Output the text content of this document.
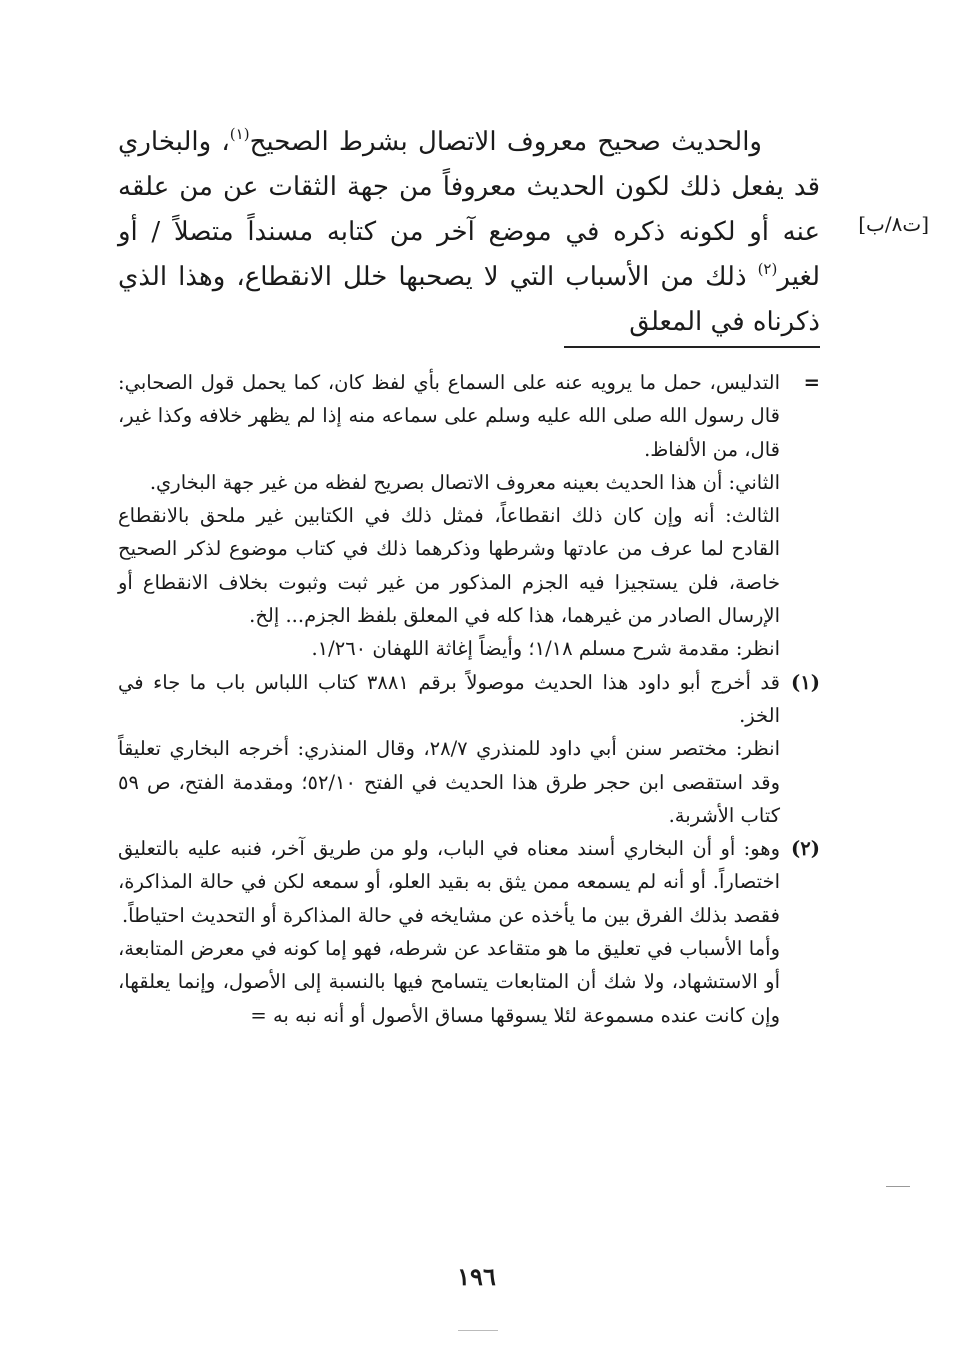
والحديث صحيح معروف الاتصال بشرط الصحيح$^{(١)}$، والبخاري قد يفعل ذلك لكون الحديث معروفاً من جهة الثقات عن من علقه عنه أو لكونه ذكره في موضع آخر من كتابه مسنداً متصلاً / أو لغير$^{(٢)}$ ذلك من الأسباب التي لا يصحبها خلل الانقطاع، وهذا الذي ذكرناه في المعلق

[ت٨/ب]
=

التدليس، حمل ما يرويه عنه على السماع بأي لفظ كان، كما يحمل قول الصحابي: قال رسول الله صلى الله عليه وسلم على سماعه منه إذا لم يظهر خلافه وكذا غير، قال، من الألفاظ.

الثاني: أن هذا الحديث بعينه معروف الاتصال بصريح لفظه من غير جهة البخاري.

الثالث: أنه وإن كان ذلك انقطاعاً، فمثل ذلك في الكتابين غير ملحق بالانقطاع القادح لما عرف من عادتها وشرطها وذكرهما ذلك في كتاب موضوع لذكر الصحيح خاصة، فلن يستجيزا فيه الجزم المذكور من غير ثبت وثبوت بخلاف الانقطاع أو الإرسال الصادر من غيرهما، هذا كله في المعلق بلفظ الجزم... إلخ.

انظر: مقدمة شرح مسلم ١/١٨؛ وأيضاً إغاثة اللهفان ١/٢٦٠.

(١)

قد أخرج أبو داود هذا الحديث موصولاً برقم ٣٨٨١ كتاب اللباس باب ما جاء في الخز.

انظر: مختصر سنن أبي داود للمنذري ٢٨/٧، وقال المنذري: أخرجه البخاري تعليقاً وقد استقصى ابن حجر طرق هذا الحديث في الفتح ٥٢/١٠؛ ومقدمة الفتح، ص ٥٩ كتاب الأشربة.

(٢)

وهو: أو أن البخاري أسند معناه في الباب، ولو من طريق آخر، فنبه عليه بالتعليق اختصاراً. أو أنه لم يسمعه ممن يثق به بقيد العلو، أو سمعه لكن في حالة المذاكرة، فقصد بذلك الفرق بين ما يأخذه عن مشايخه في حالة المذاكرة أو التحديث احتياطاً.

وأما الأسباب في تعليق ما هو متقاعد عن شرطه، فهو إما كونه في معرض المتابعة، أو الاستشهاد، ولا شك أن المتابعات يتسامح فيها بالنسبة إلى الأصول، وإنما يعلقها، وإن كانت عنده مسموعة لئلا يسوقها مساق الأصول أو أنه نبه به =

١٩٦
